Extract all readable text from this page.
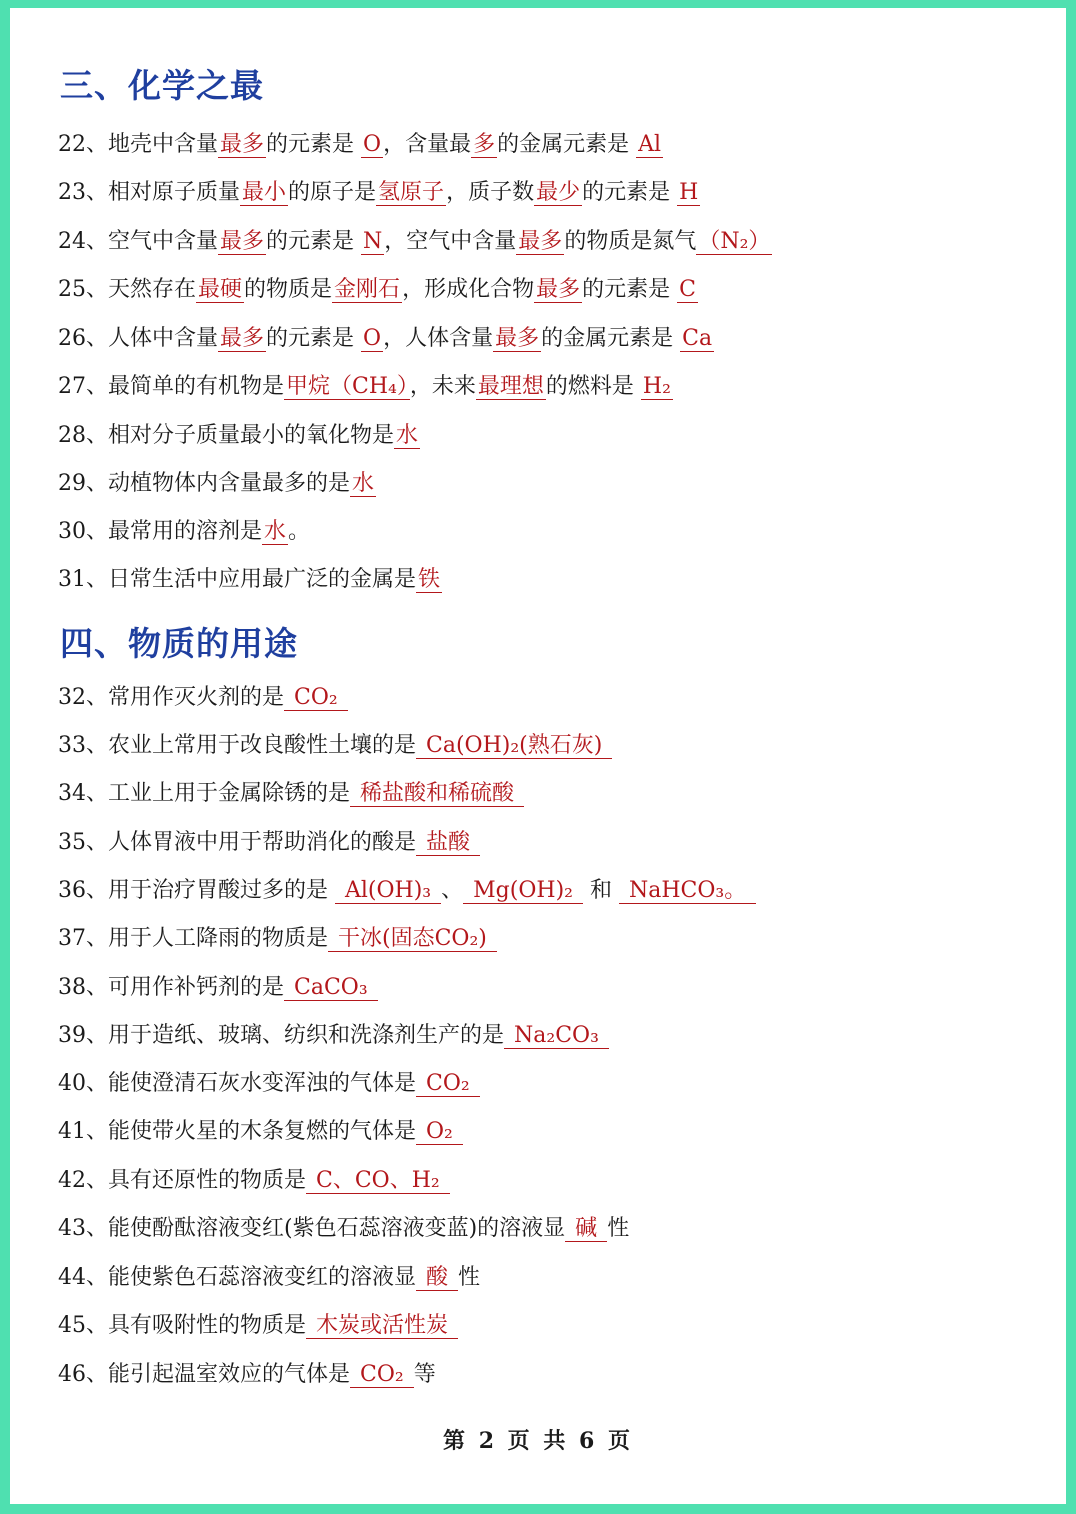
三、化学之最
四、物质的用途
22、地壳中含量最多的元素是 O，含量最多的金属元素是 Al
23、相对原子质量最小的原子是氢原子，质子数最少的元素是 H
24、空气中含量最多的元素是 N，空气中含量最多的物质是氮气（N₂）
25、天然存在最硬的物质是金刚石，形成化合物最多的元素是 C
26、人体中含量最多的元素是 O，人体含量最多的金属元素是 Ca
27、最简单的有机物是甲烷（CH₄），未来最理想的燃料是 H₂
28、相对分子质量最小的氧化物是水
29、动植物体内含量最多的是水
30、最常用的溶剂是水。
31、日常生活中应用最广泛的金属是铁
32、常用作灭火剂的是 CO₂
33、农业上常用于改良酸性土壤的是 Ca(OH)₂(熟石灰)
34、工业上用于金属除锈的是 稀盐酸和稀硫酸
35、人体胃液中用于帮助消化的酸是 盐酸
36、用于治疗胃酸过多的是 Al(OH)₃ 、 Mg(OH)₂ 和 NaHCO₃。
37、用于人工降雨的物质是 干冰(固态CO₂)
38、可用作补钙剂的是 CaCO₃
39、用于造纸、玻璃、纺织和洗涤剂生产的是 Na₂CO₃
40、能使澄清石灰水变浑浊的气体是 CO₂
41、能使带火星的木条复燃的气体是 O₂
42、具有还原性的物质是 C、CO、H₂
43、能使酚酞溶液变红(紫色石蕊溶液变蓝)的溶液显 碱 性
44、能使紫色石蕊溶液变红的溶液显 酸 性
45、具有吸附性的物质是 木炭或活性炭
46、能引起温室效应的气体是 CO₂ 等
第 2 页 共 6 页
